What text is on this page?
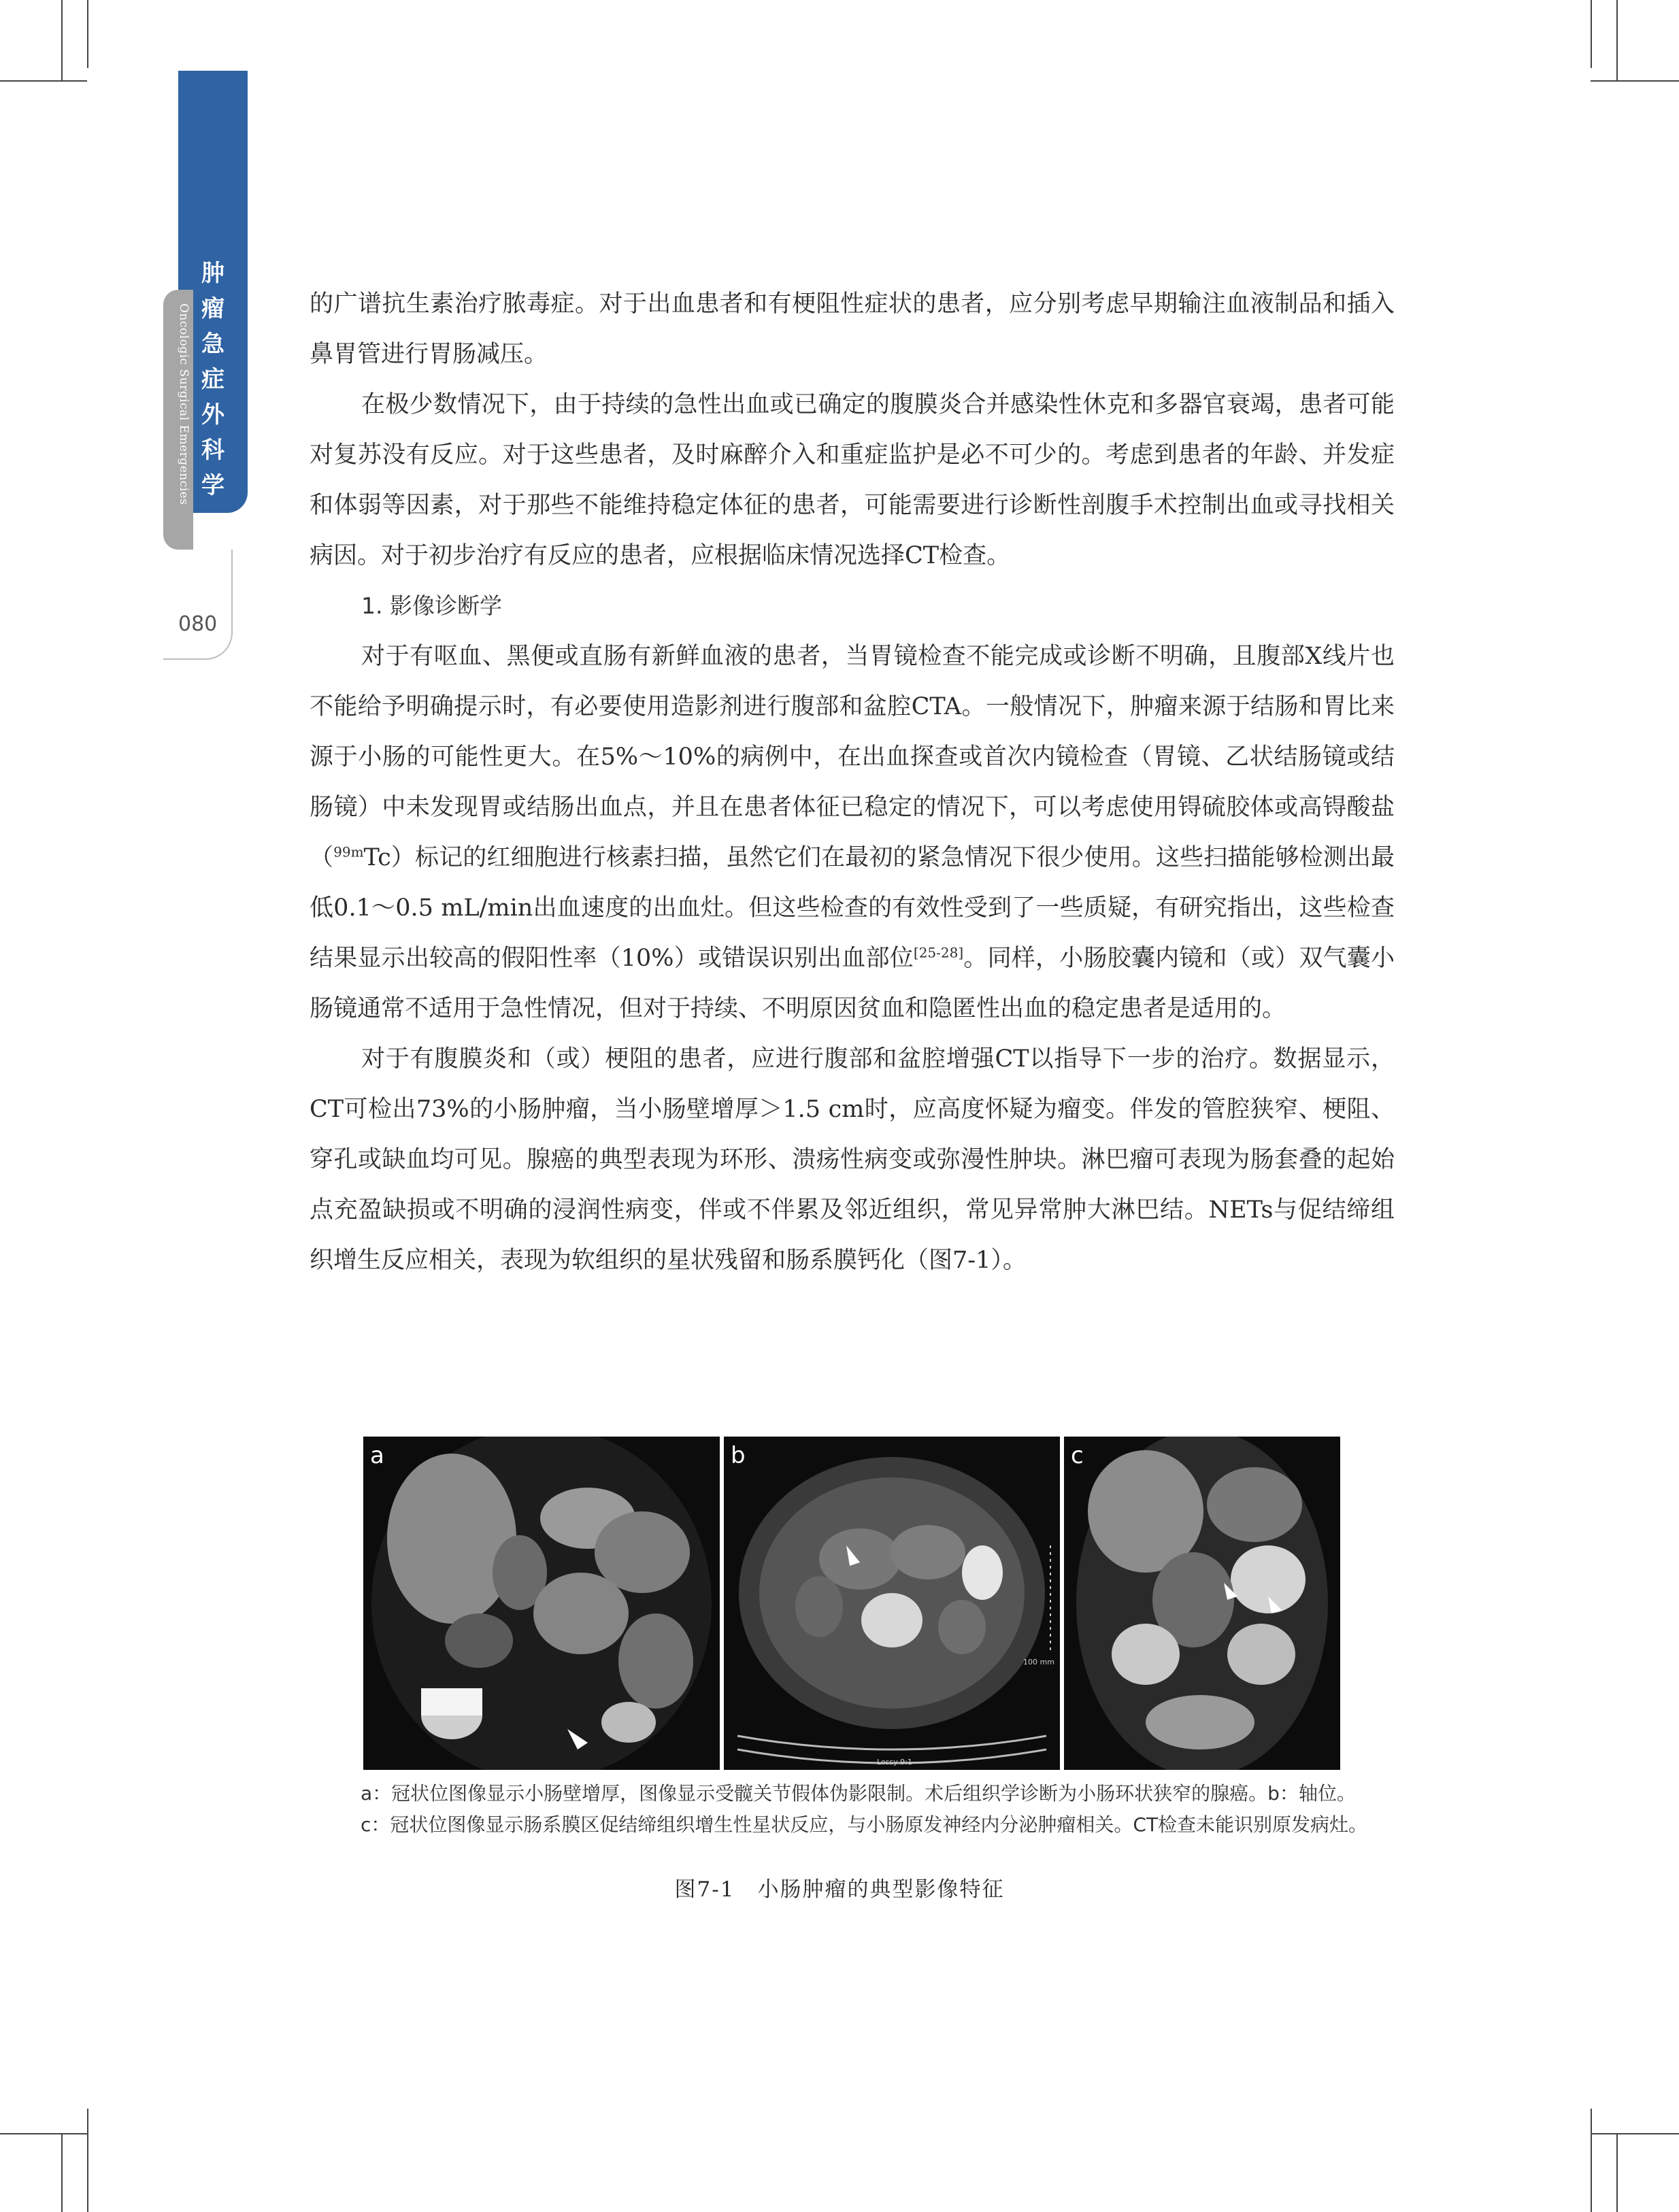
肿
瘤
急
症
外
科
学
Oncologic Surgical Emergencies
080

的广谱抗生素治疗脓毒症。对于出血患者和有梗阻性症状的患者，应分别考虑早期输注血液制品和插入鼻胃管进行胃肠减压。

在极少数情况下，由于持续的急性出血或已确定的腹膜炎合并感染性休克和多器官衰竭，患者可能对复苏没有反应。对于这些患者，及时麻醉介入和重症监护是必不可少的。考虑到患者的年龄、并发症和体弱等因素，对于那些不能维持稳定体征的患者，可能需要进行诊断性剖腹手术控制出血或寻找相关病因。对于初步治疗有反应的患者，应根据临床情况选择CT检查。

1. 影像诊断学

对于有呕血、黑便或直肠有新鲜血液的患者，当胃镜检查不能完成或诊断不明确，且腹部X线片也不能给予明确提示时，有必要使用造影剂进行腹部和盆腔CTA。一般情况下，肿瘤来源于结肠和胃比来源于小肠的可能性更大。在5%～10%的病例中，在出血探查或首次内镜检查（胃镜、乙状结肠镜或结肠镜）中未发现胃或结肠出血点，并且在患者体征已稳定的情况下，可以考虑使用锝硫胶体或高锝酸盐（$^{99m}$Tc）标记的红细胞进行核素扫描，虽然它们在最初的紧急情况下很少使用。这些扫描能够检测出最低0.1～0.5 mL/min出血速度的出血灶。但这些检查的有效性受到了一些质疑，有研究指出，这些检查结果显示出较高的假阳性率（10%）或错误识别出血部位[25-28]。同样，小肠胶囊内镜和（或）双气囊小肠镜通常不适用于急性情况，但对于持续、不明原因贫血和隐匿性出血的稳定患者是适用的。

对于有腹膜炎和（或）梗阻的患者，应进行腹部和盆腔增强CT以指导下一步的治疗。数据显示，CT可检出73%的小肠肿瘤，当小肠壁增厚＞1.5 cm时，应高度怀疑为瘤变。伴发的管腔狭窄、梗阻、穿孔或缺血均可见。腺癌的典型表现为环形、溃疡性病变或弥漫性肿块。淋巴瘤可表现为肠套叠的起始点充盈缺损或不明确的浸润性病变，伴或不伴累及邻近组织，常见异常肿大淋巴结。NETs与促结缔组织增生反应相关，表现为软组织的星状残留和肠系膜钙化（图7-1）。

a
100 mm
Lossy 9:1
b	c
a：冠状位图像显示小肠壁增厚，图像显示受髋关节假体伪影限制。术后组织学诊断为小肠环状狭窄的腺癌。b：轴位。c：冠状位图像显示肠系膜区促结缔组织增生性星状反应，与小肠原发神经内分泌肿瘤相关。CT检查未能识别原发病灶。
图7-1　小肠肿瘤的典型影像特征
